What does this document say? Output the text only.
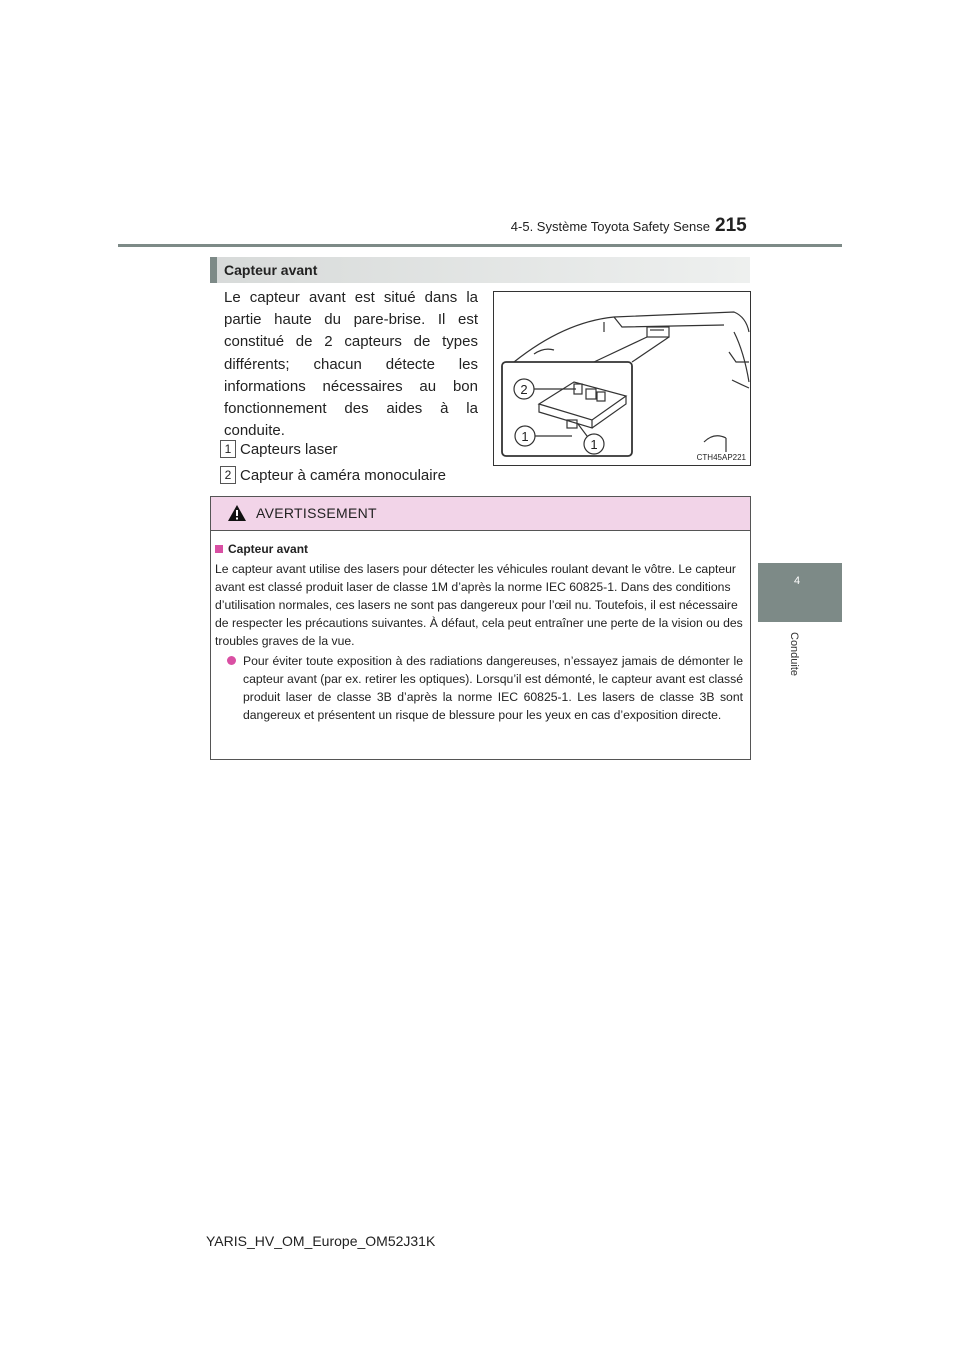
4-5. Système Toyota Safety Sense 215
4
Conduite
Capteur avant
Le capteur avant est situé dans la partie haute du pare-brise. Il est constitué de 2 capteurs de types différents; chacun détecte les informations nécessaires au bon fonctionnement des aides à la conduite.
1 Capteurs laser
2 Capteur à caméra monoculaire
2
1
1
CTH45AP221
AVERTISSEMENT
Capteur avant
Le capteur avant utilise des lasers pour détecter les véhicules roulant devant le vôtre. Le capteur avant est classé produit laser de classe 1M d’après la norme IEC 60825-1. Dans des conditions d’utilisation normales, ces lasers ne sont pas dangereux pour l’œil nu. Toutefois, il est nécessaire de respecter les précautions suivantes. À défaut, cela peut entraîner une perte de la vision ou des troubles graves de la vue.
Pour éviter toute exposition à des radiations dangereuses, n’essayez jamais de démonter le capteur avant (par ex. retirer les optiques). Lorsqu’il est démonté, le capteur avant est classé produit laser de classe 3B d’après la norme IEC 60825-1. Les lasers de classe 3B sont dangereux et présentent un risque de blessure pour les yeux en cas d’exposition directe.
YARIS_HV_OM_Europe_OM52J31K
